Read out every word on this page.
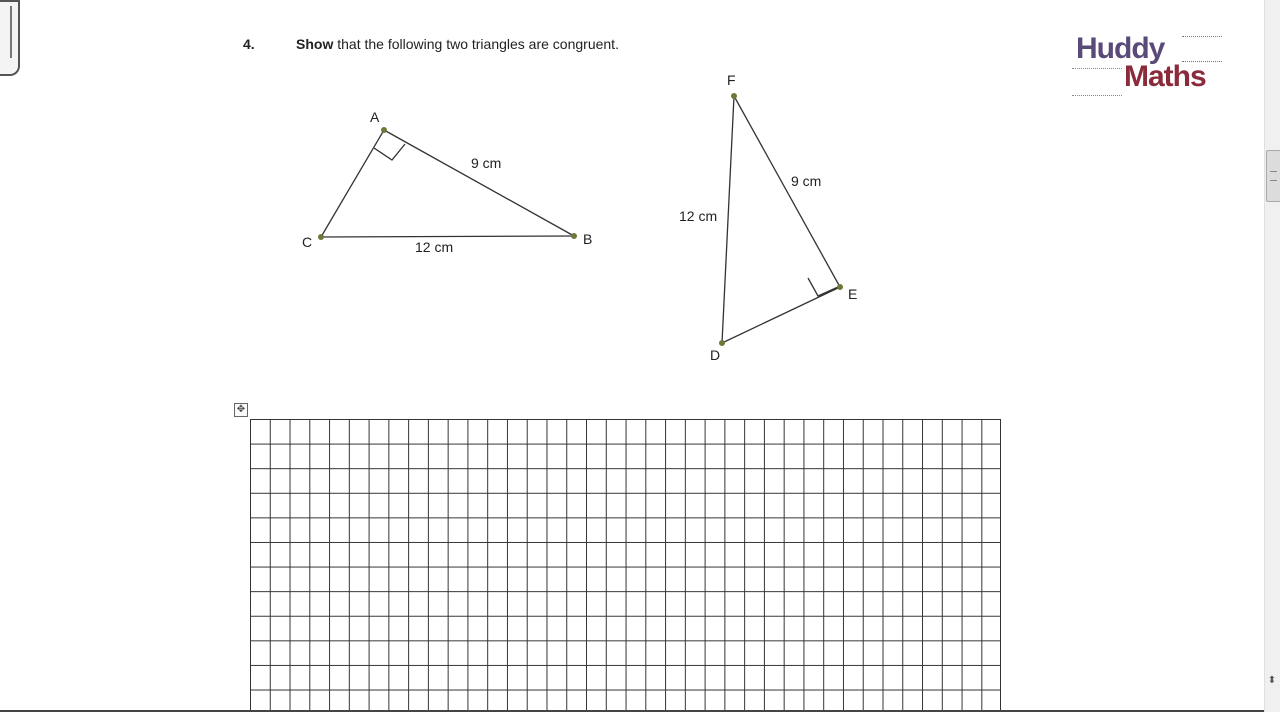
4.	Show that the following two triangles are congruent.	Huddy
Maths
A
B
C
9 cm
12 cm
F
E
D
9 cm
12 cm
✥
⬍
